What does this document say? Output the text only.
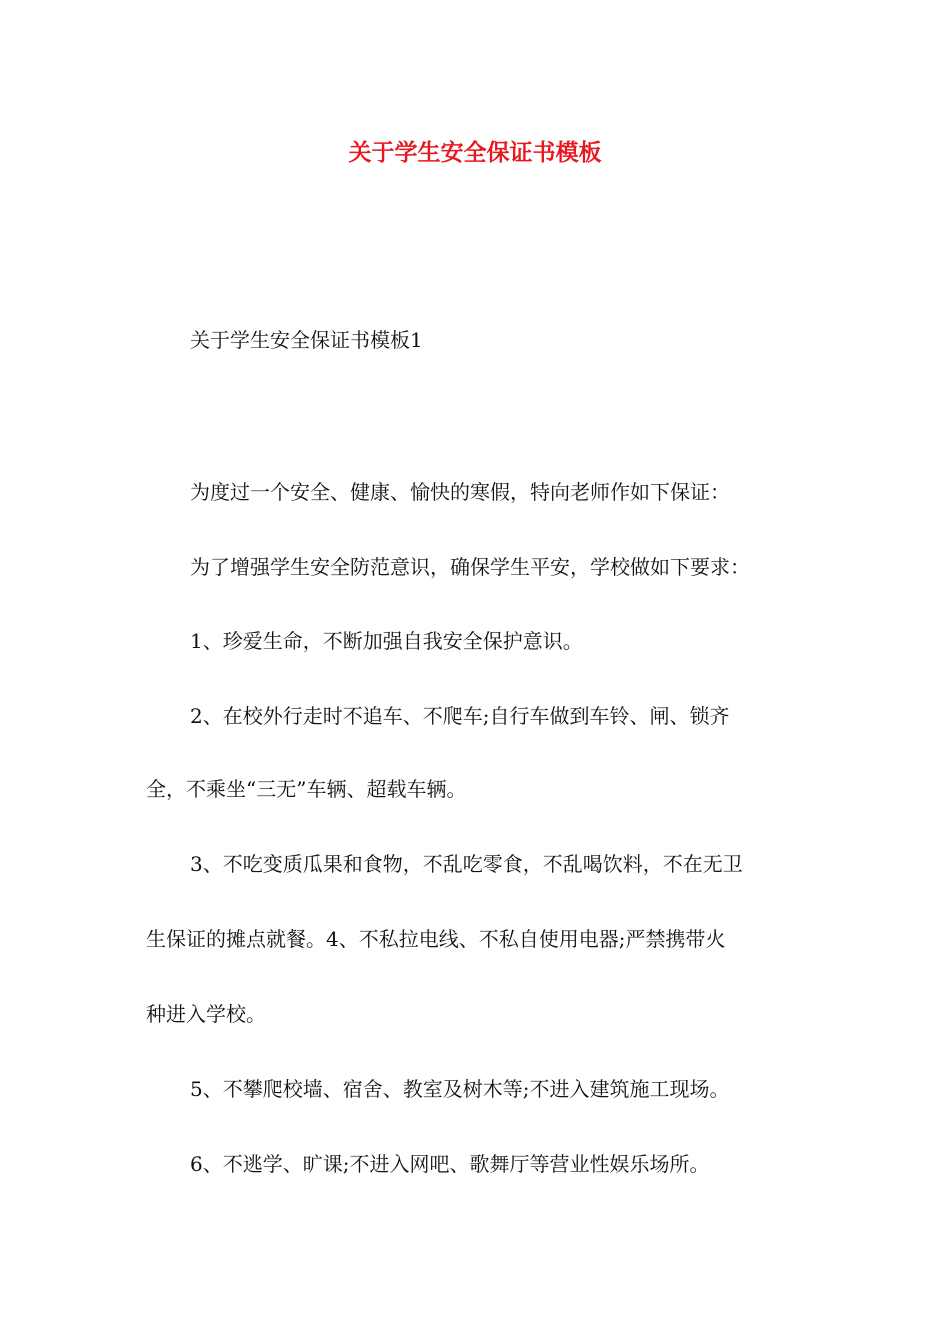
关于学生安全保证书模板

关于学生安全保证书模板1

为度过一个安全、健康、愉快的寒假，特向老师作如下保证：

为了增强学生安全防范意识，确保学生平安，学校做如下要求：

1、珍爱生命，不断加强自我安全保护意识。

2、在校外行走时不追车、不爬车;自行车做到车铃、闸、锁齐

全，不乘坐“三无”车辆、超载车辆。

3、不吃变质瓜果和食物，不乱吃零食，不乱喝饮料，不在无卫

生保证的摊点就餐。4、不私拉电线、不私自使用电器;严禁携带火

种进入学校。

5、不攀爬校墙、宿舍、教室及树木等;不进入建筑施工现场。

6、不逃学、旷课;不进入网吧、歌舞厅等营业性娱乐场所。
